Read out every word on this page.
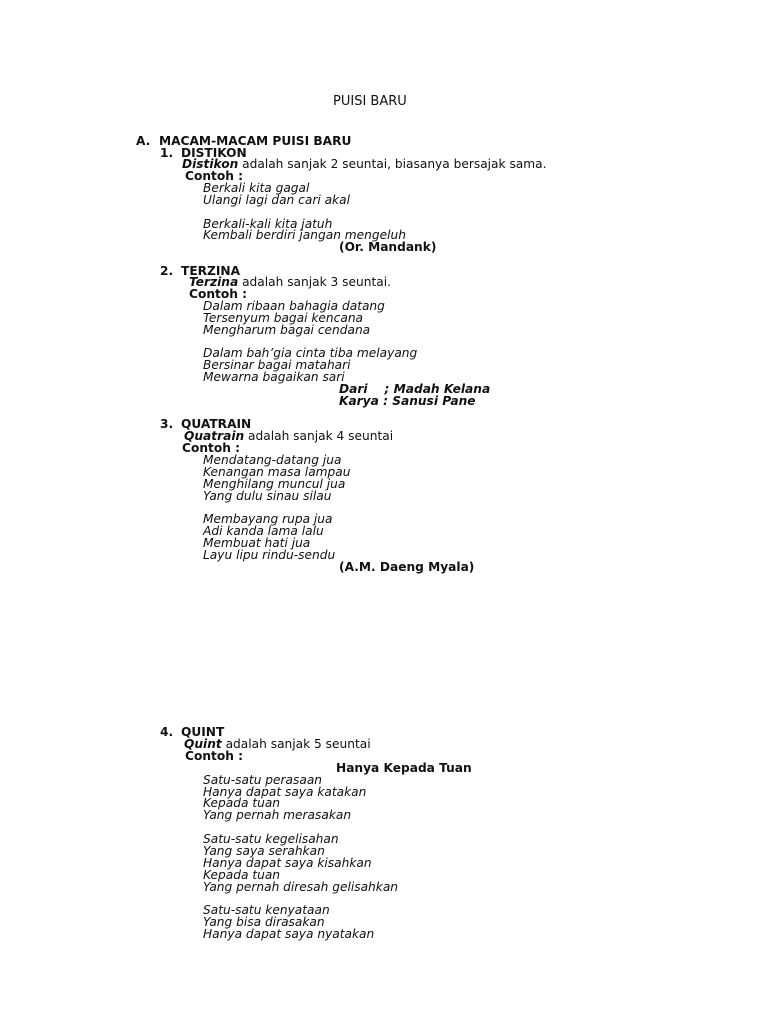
PUISI BARU
A. MACAM-MACAM PUISI BARU
1. DISTIKON
Distikon adalah sanjak 2 seuntai, biasanya bersajak sama.
Contoh :
Berkali kita gagal
Ulangi lagi dan cari akal
Berkali-kali kita jatuh
Kembali berdiri jangan mengeluh
(Or. Mandank)
2. TERZINA
Terzina adalah sanjak 3 seuntai.
Contoh :
Dalam ribaan bahagia datang
Tersenyum bagai kencana
Mengharum bagai cendana
Dalam bah’gia cinta tiba melayang
Bersinar bagai matahari
Mewarna bagaikan sari
Dari    ; Madah Kelana
Karya : Sanusi Pane
3. QUATRAIN
Quatrain adalah sanjak 4 seuntai
Contoh :
Mendatang-datang jua
Kenangan masa lampau
Menghilang muncul jua
Yang dulu sinau silau
Membayang rupa jua
Adi kanda lama lalu
Membuat hati jua
Layu lipu rindu-sendu
(A.M. Daeng Myala)
4. QUINT
Quint adalah sanjak 5 seuntai
Contoh :
Hanya Kepada Tuan
Satu-satu perasaan
Hanya dapat saya katakan
Kepada tuan
Yang pernah merasakan
Satu-satu kegelisahan
Yang saya serahkan
Hanya dapat saya kisahkan
Kepada tuan
Yang pernah diresah gelisahkan
Satu-satu kenyataan
Yang bisa dirasakan
Hanya dapat saya nyatakan
